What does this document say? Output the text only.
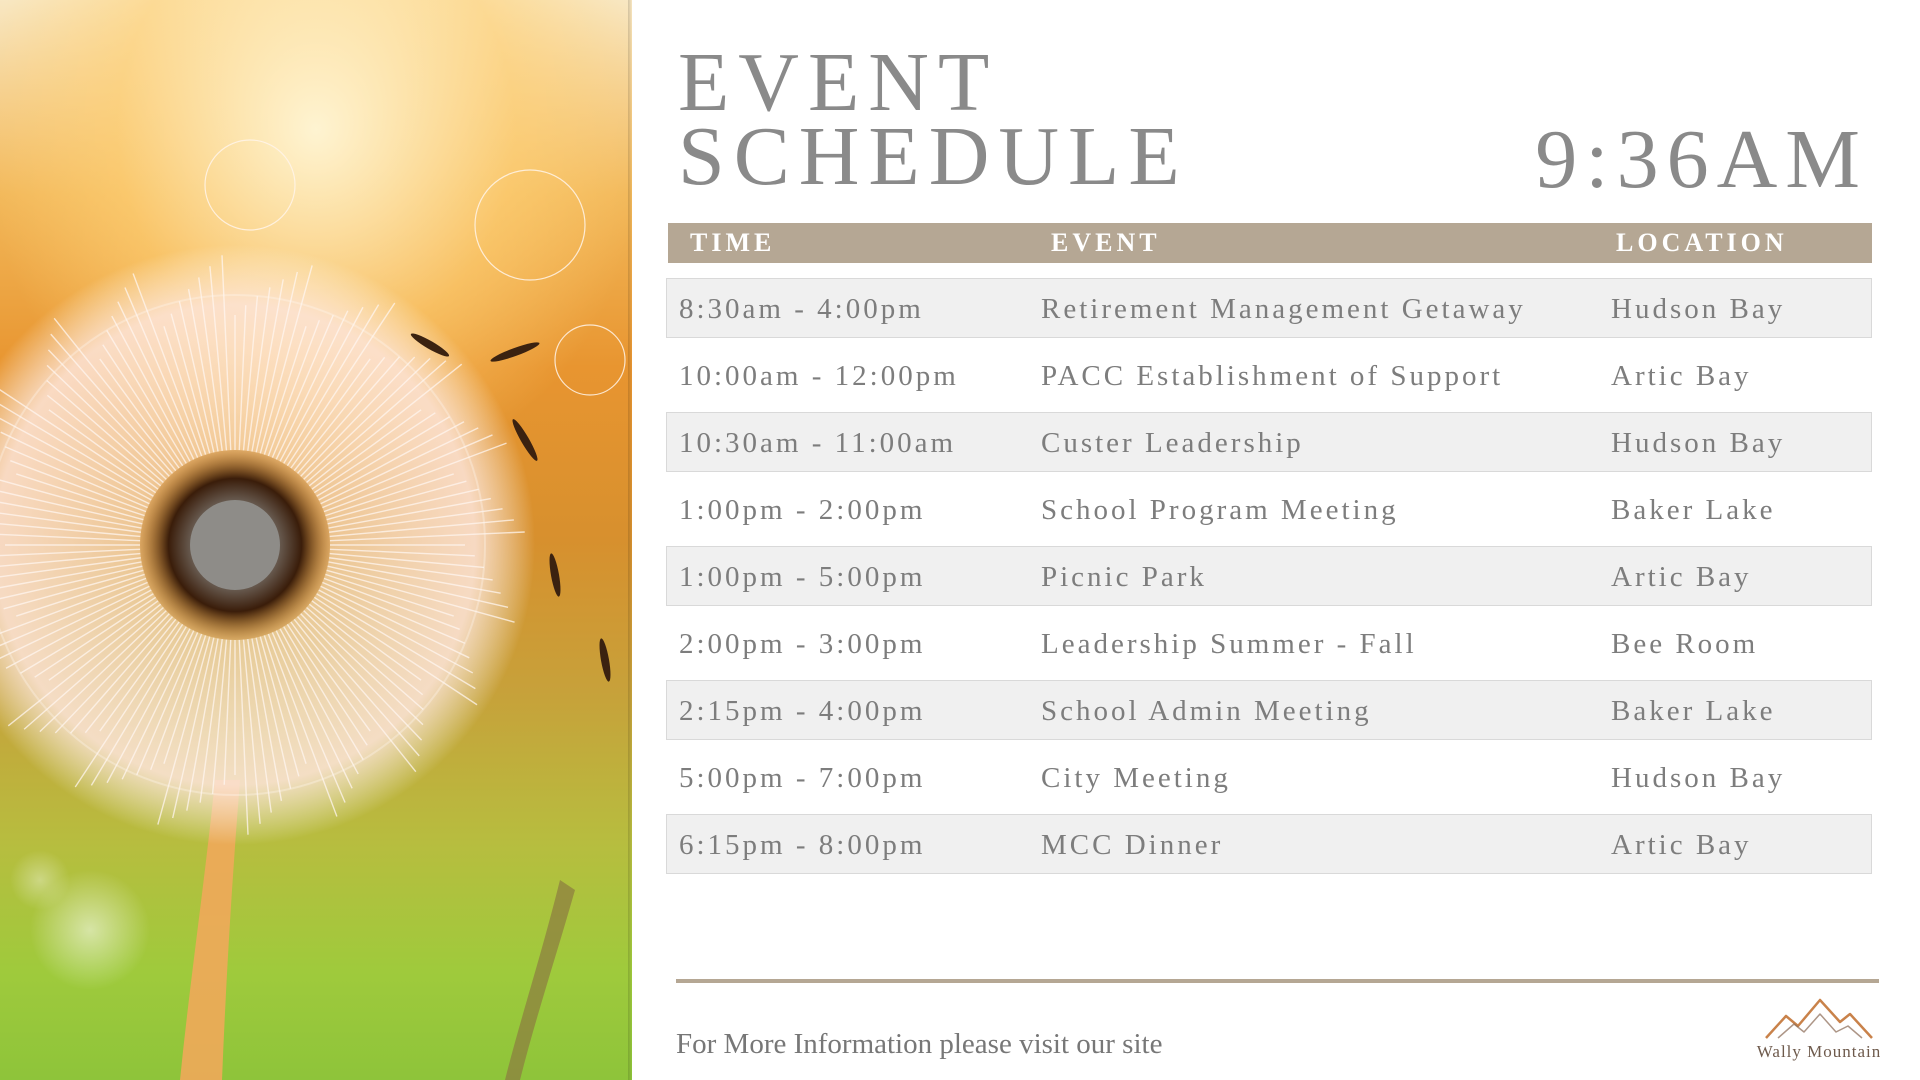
EVENT
SCHEDULE	9:36AM
TIME	EVENT	LOCATION
8:30am - 4:00pm	Retirement Management Getaway	Hudson Bay
10:00am - 12:00pm	PACC Establishment of Support	Artic Bay
10:30am - 11:00am	Custer Leadership	Hudson Bay
1:00pm - 2:00pm	School Program Meeting	Baker Lake
1:00pm - 5:00pm	Picnic Park	Artic Bay
2:00pm - 3:00pm	Leadership Summer - Fall	Bee Room
2:15pm - 4:00pm	School Admin Meeting	Baker Lake
5:00pm - 7:00pm	City Meeting	Hudson Bay
6:15pm - 8:00pm	MCC Dinner	Artic Bay
For More Information please visit our site	Wally Mountain
